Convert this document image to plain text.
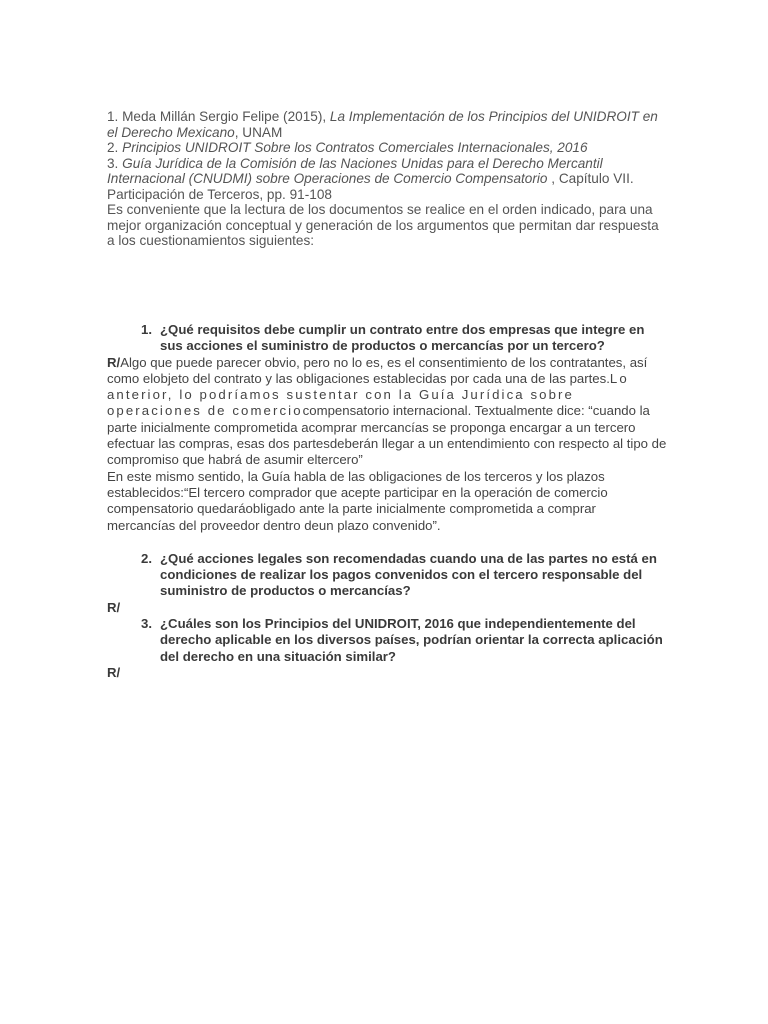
1. Meda Millán Sergio Felipe (2015), La Implementación de los Principios del UNIDROIT en el Derecho Mexicano, UNAM

2. Principios UNIDROIT Sobre los Contratos Comerciales Internacionales, 2016

3. Guía Jurídica de la Comisión de las Naciones Unidas para el Derecho Mercantil Internacional (CNUDMI) sobre Operaciones de Comercio Compensatorio , Capítulo VII. Participación de Terceros, pp. 91-108

Es conveniente que la lectura de los documentos se realice en el orden indicado, para una mejor organización conceptual y generación de los argumentos que permitan dar respuesta a los cuestionamientos siguientes:

1. ¿Qué requisitos debe cumplir un contrato entre dos empresas que integre en sus acciones el suministro de productos o mercancías por un tercero?

R/Algo que puede parecer obvio, pero no lo es, es el consentimiento de los contratantes, así como elobjeto del contrato y las obligaciones establecidas por cada una de las partes.Lo anterior, lo podríamos sustentar con la Guía Jurídica sobre operaciones de comerciocompensatorio internacional. Textualmente dice: “cuando la parte inicialmente comprometida acomprar mercancías se proponga encargar a un tercero efectuar las compras, esas dos partesdeberán llegar a un entendimiento con respecto al tipo de compromiso que habrá de asumir eltercero”
En este mismo sentido, la Guía habla de las obligaciones de los terceros y los plazos establecidos:“El tercero comprador que acepte participar en la operación de comercio compensatorio quedaráobligado ante la parte inicialmente comprometida a comprar mercancías del proveedor dentro deun plazo convenido”.

2. ¿Qué acciones legales son recomendadas cuando una de las partes no está en condiciones de realizar los pagos convenidos con el tercero responsable del suministro de productos o mercancías?

R/

3. ¿Cuáles son los Principios del UNIDROIT, 2016 que independientemente del derecho aplicable en los diversos países, podrían orientar la correcta aplicación del derecho en una situación similar?

R/
